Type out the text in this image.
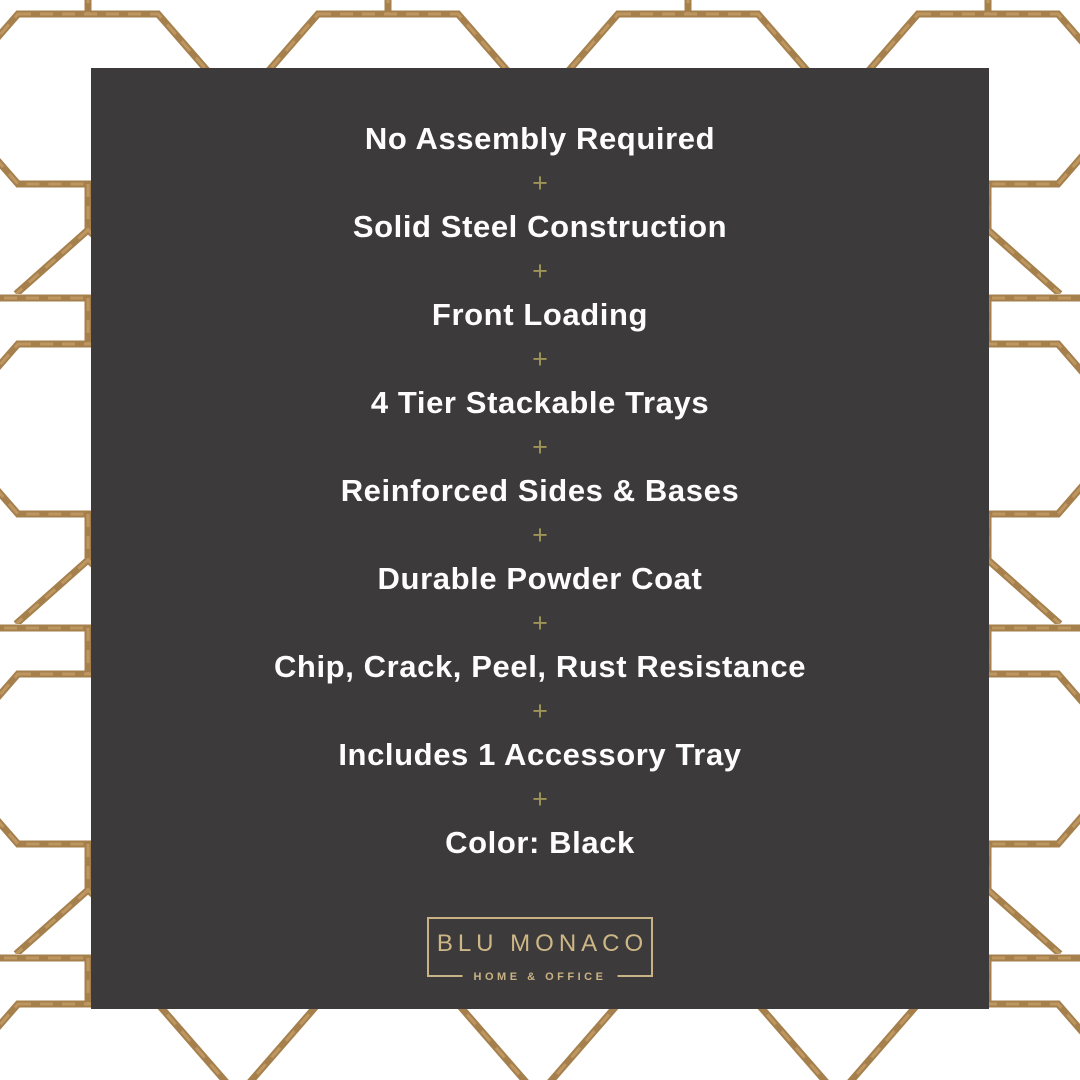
No Assembly Required
+
Solid Steel Construction
+
Front Loading
+
4 Tier Stackable Trays
+
Reinforced Sides & Bases
+
Durable Powder Coat
+
Chip, Crack, Peel, Rust Resistance
+
Includes 1 Accessory Tray
+
Color: Black
BLU MONACO
HOME & OFFICE
